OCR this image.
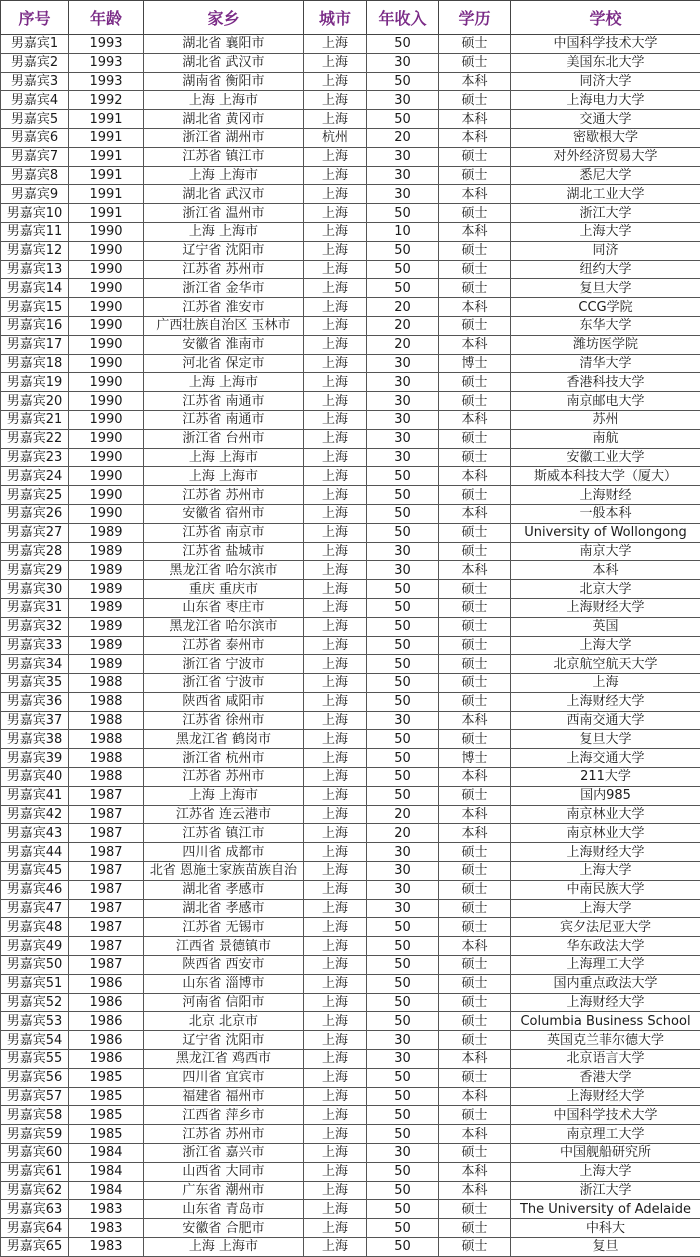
序号	年龄	家乡	城市	年收入	学历	学校
男嘉宾1	1993	湖北省 襄阳市	上海	50	硕士	中国科学技术大学
男嘉宾2	1993	湖北省 武汉市	上海	30	硕士	美国东北大学
男嘉宾3	1993	湖南省 衡阳市	上海	50	本科	同济大学
男嘉宾4	1992	上海 上海市	上海	30	硕士	上海电力大学
男嘉宾5	1991	湖北省 黄冈市	上海	50	本科	交通大学
男嘉宾6	1991	浙江省 湖州市	杭州	20	本科	密歇根大学
男嘉宾7	1991	江苏省 镇江市	上海	30	硕士	对外经济贸易大学
男嘉宾8	1991	上海 上海市	上海	30	硕士	悉尼大学
男嘉宾9	1991	湖北省 武汉市	上海	30	本科	湖北工业大学
男嘉宾10	1991	浙江省 温州市	上海	50	硕士	浙江大学
男嘉宾11	1990	上海 上海市	上海	10	本科	上海大学
男嘉宾12	1990	辽宁省 沈阳市	上海	50	硕士	同济
男嘉宾13	1990	江苏省 苏州市	上海	50	硕士	纽约大学
男嘉宾14	1990	浙江省 金华市	上海	50	硕士	复旦大学
男嘉宾15	1990	江苏省 淮安市	上海	20	本科	CCG学院
男嘉宾16	1990	广西壮族自治区 玉林市	上海	20	硕士	东华大学
男嘉宾17	1990	安徽省 淮南市	上海	20	本科	潍坊医学院
男嘉宾18	1990	河北省 保定市	上海	30	博士	清华大学
男嘉宾19	1990	上海 上海市	上海	30	硕士	香港科技大学
男嘉宾20	1990	江苏省 南通市	上海	30	硕士	南京邮电大学
男嘉宾21	1990	江苏省 南通市	上海	30	本科	苏州
男嘉宾22	1990	浙江省 台州市	上海	30	硕士	南航
男嘉宾23	1990	上海 上海市	上海	30	硕士	安徽工业大学
男嘉宾24	1990	上海 上海市	上海	50	本科	斯威本科技大学（厦大）
男嘉宾25	1990	江苏省 苏州市	上海	50	硕士	上海财经
男嘉宾26	1990	安徽省 宿州市	上海	50	本科	一般本科
男嘉宾27	1989	江苏省 南京市	上海	50	硕士	University of Wollongong
男嘉宾28	1989	江苏省 盐城市	上海	30	硕士	南京大学
男嘉宾29	1989	黑龙江省 哈尔滨市	上海	30	本科	本科
男嘉宾30	1989	重庆 重庆市	上海	50	硕士	北京大学
男嘉宾31	1989	山东省 枣庄市	上海	50	硕士	上海财经大学
男嘉宾32	1989	黑龙江省 哈尔滨市	上海	50	硕士	英国
男嘉宾33	1989	江苏省 泰州市	上海	50	硕士	上海大学
男嘉宾34	1989	浙江省 宁波市	上海	50	硕士	北京航空航天大学
男嘉宾35	1988	浙江省 宁波市	上海	50	硕士	上海
男嘉宾36	1988	陕西省 咸阳市	上海	50	硕士	上海财经大学
男嘉宾37	1988	江苏省 徐州市	上海	30	本科	西南交通大学
男嘉宾38	1988	黑龙江省 鹤岗市	上海	50	硕士	复旦大学
男嘉宾39	1988	浙江省 杭州市	上海	50	博士	上海交通大学
男嘉宾40	1988	江苏省 苏州市	上海	50	本科	211大学
男嘉宾41	1987	上海 上海市	上海	50	硕士	国内985
男嘉宾42	1987	江苏省 连云港市	上海	20	本科	南京林业大学
男嘉宾43	1987	江苏省 镇江市	上海	20	本科	南京林业大学
男嘉宾44	1987	四川省 成都市	上海	30	硕士	上海财经大学
男嘉宾45	1987	北省 恩施土家族苗族自治	上海	30	硕士	上海大学
男嘉宾46	1987	湖北省 孝感市	上海	30	硕士	中南民族大学
男嘉宾47	1987	湖北省 孝感市	上海	30	硕士	上海大学
男嘉宾48	1987	江苏省 无锡市	上海	50	硕士	宾夕法尼亚大学
男嘉宾49	1987	江西省 景德镇市	上海	50	本科	华东政法大学
男嘉宾50	1987	陕西省 西安市	上海	50	硕士	上海理工大学
男嘉宾51	1986	山东省 淄博市	上海	50	硕士	国内重点政法大学
男嘉宾52	1986	河南省 信阳市	上海	50	硕士	上海财经大学
男嘉宾53	1986	北京 北京市	上海	50	硕士	Columbia Business School
男嘉宾54	1986	辽宁省 沈阳市	上海	30	硕士	英国克兰菲尔德大学
男嘉宾55	1986	黑龙江省 鸡西市	上海	30	本科	北京语言大学
男嘉宾56	1985	四川省 宜宾市	上海	50	硕士	香港大学
男嘉宾57	1985	福建省 福州市	上海	50	本科	上海财经大学
男嘉宾58	1985	江西省 萍乡市	上海	50	硕士	中国科学技术大学
男嘉宾59	1985	江苏省 苏州市	上海	50	本科	南京理工大学
男嘉宾60	1984	浙江省 嘉兴市	上海	30	硕士	中国舰船研究所
男嘉宾61	1984	山西省 大同市	上海	50	本科	上海大学
男嘉宾62	1984	广东省 潮州市	上海	50	本科	浙江大学
男嘉宾63	1983	山东省 青岛市	上海	50	硕士	The University of Adelaide
男嘉宾64	1983	安徽省 合肥市	上海	50	硕士	中科大
男嘉宾65	1983	上海 上海市	上海	50	硕士	复旦
